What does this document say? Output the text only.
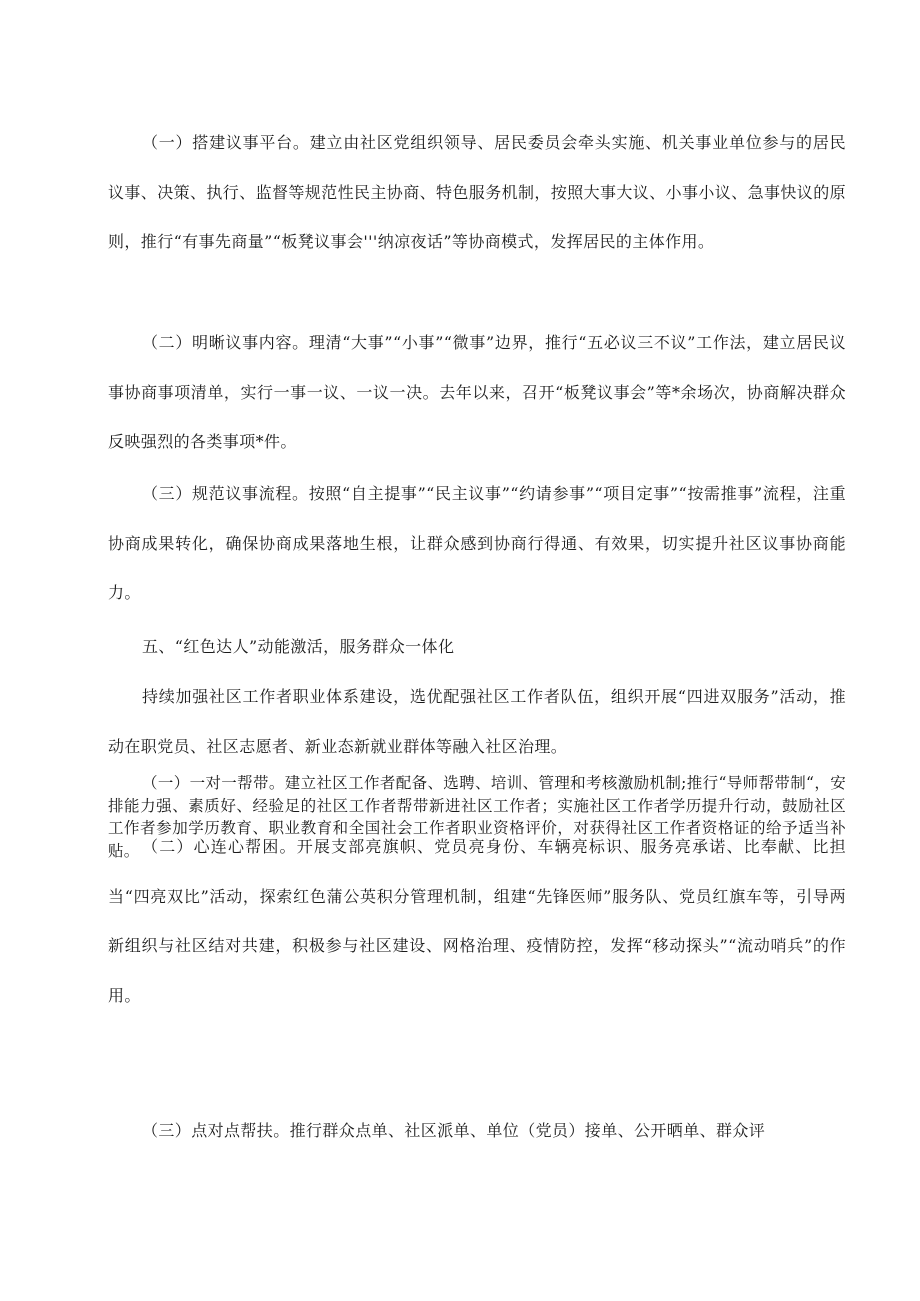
（一）搭建议事平台。建立由社区党组织领导、居民委员会牵头实施、机关事业单位参与的居民议事、决策、执行、监督等规范性民主协商、特色服务机制，按照大事大议、小事小议、急事快议的原则，推行“有事先商量”“板凳议事会'''纳凉夜话”等协商模式，发挥居民的主体作用。

（二）明晰议事内容。理清“大事”“小事”“微事”边界，推行“五必议三不议”工作法，建立居民议事协商事项清单，实行一事一议、一议一决。去年以来，召开“板凳议事会”等*余场次，协商解决群众反映强烈的各类事项*件。

（三）规范议事流程。按照“自主提事”“民主议事”“约请参事”“项目定事”“按需推事”流程，注重协商成果转化，确保协商成果落地生根，让群众感到协商行得通、有效果，切实提升社区议事协商能力。

五、“红色达人”动能激活，服务群众一体化

持续加强社区工作者职业体系建设，选优配强社区工作者队伍，组织开展“四进双服务”活动，推动在职党员、社区志愿者、新业态新就业群体等融入社区治理。

（一）一对一帮带。建立社区工作者配备、选聘、培训、管理和考核激励机制;推行“导师帮带制“，安排能力强、素质好、经验足的社区工作者帮带新进社区工作者；实施社区工作者学历提升行动，鼓励社区工作者参加学历教育、职业教育和全国社会工作者职业资格评价，对获得社区工作者资格证的给予适当补贴。 （二）心连心帮困。开展支部亮旗帜、党员亮身份、车辆亮标识、服务亮承诺、比奉献、比担当“四亮双比”活动，探索红色蒲公英积分管理机制，组建“先锋医师”服务队、党员红旗车等，引导两新组织与社区结对共建，积极参与社区建设、网格治理、疫情防控，发挥“移动探头”“流动哨兵”的作用。

（三）点对点帮扶。推行群众点单、社区派单、单位（党员）接单、公开晒单、群众评
